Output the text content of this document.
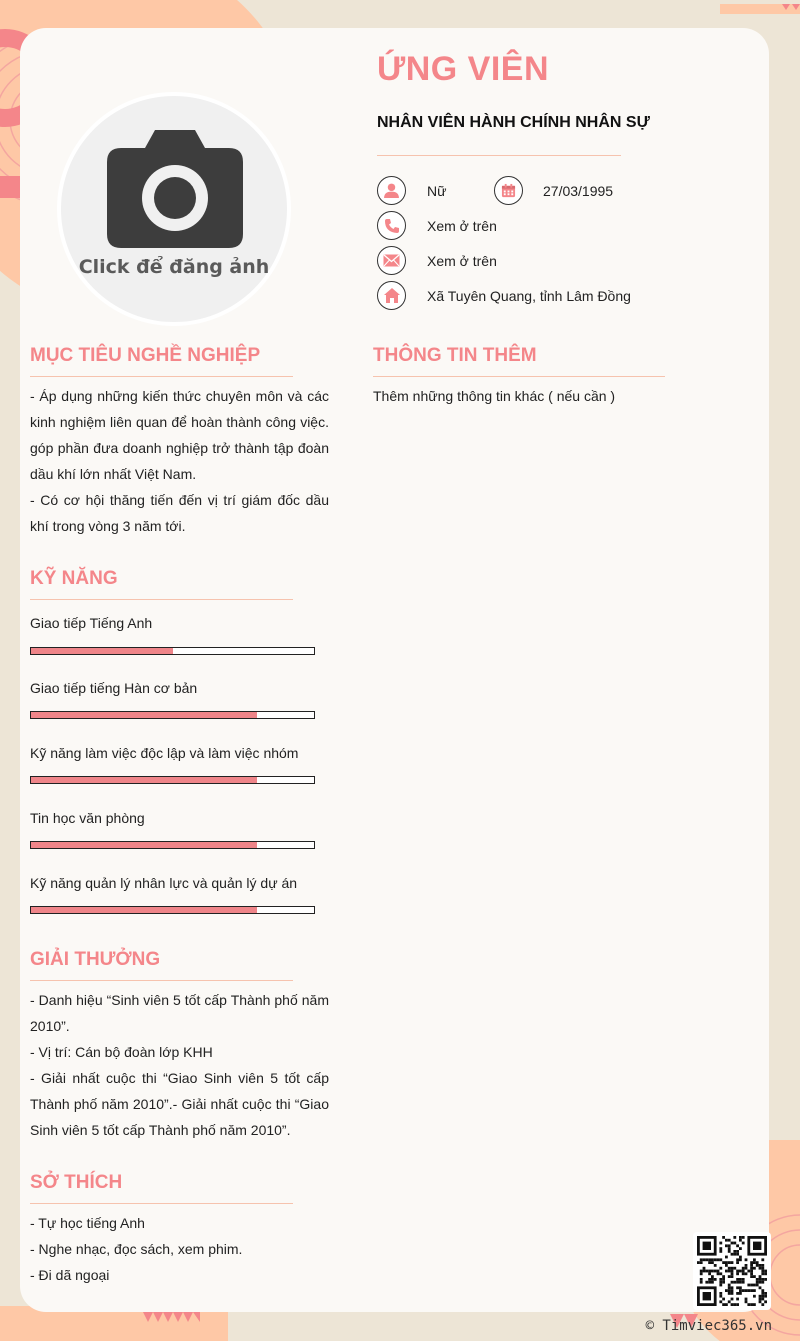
Click để đăng ảnh
ỨNG VIÊN
NHÂN VIÊN HÀNH CHÍNH NHÂN SỰ
Nữ	27/03/1995
Xem ở trên
Xem ở trên
Xã Tuyên Quang, tỉnh Lâm Đồng
MỤC TIÊU NGHỀ NGHIỆP

- Áp dụng những kiến thức chuyên môn và các kinh nghiệm liên quan để hoàn thành công việc. góp phần đưa doanh nghiệp trở thành tập đoàn dầu khí lớn nhất Việt Nam.

- Có cơ hội thăng tiến đến vị trí giám đốc dầu khí trong vòng 3 năm tới.

THÔNG TIN THÊM
Thêm những thông tin khác ( nếu cần )
KỸ NĂNG
Giao tiếp Tiếng Anh
Giao tiếp tiếng Hàn cơ bản
Kỹ năng làm việc độc lập và làm việc nhóm
Tin học văn phòng
Kỹ năng quản lý nhân lực và quản lý dự án
GIẢI THƯỞNG

- Danh hiệu “Sinh viên 5 tốt cấp Thành phố năm 2010”.

- Vị trí: Cán bộ đoàn lớp KHH

- Giải nhất cuộc thi “Giao Sinh viên 5 tốt cấp Thành phố năm 2010”.- Giải nhất cuộc thi “Giao Sinh viên 5 tốt cấp Thành phố năm 2010”.

SỞ THÍCH
- Tự học tiếng Anh
- Nghe nhạc, đọc sách, xem phim.
- Đi dã ngoại
© Timviec365.vn
